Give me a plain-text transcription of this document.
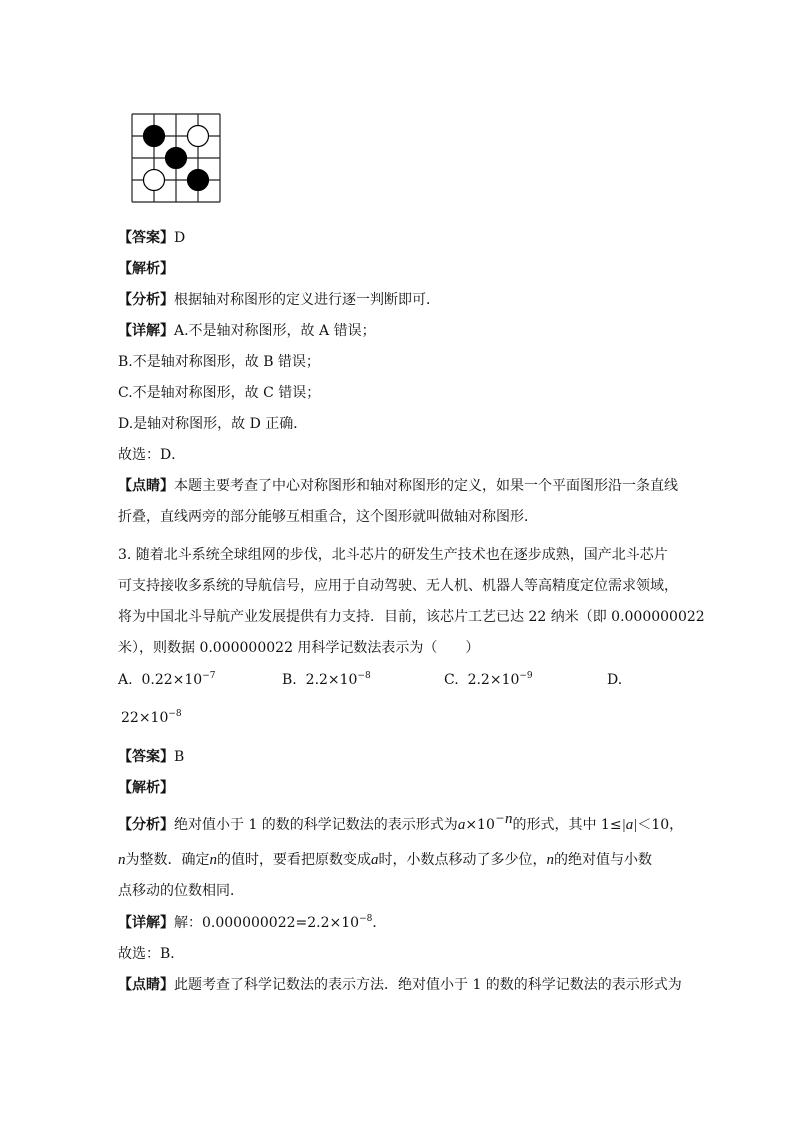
【答案】D
【解析】
【分析】根据轴对称图形的定义进行逐一判断即可．
【详解】A.不是轴对称图形，故 A 错误；
B.不是轴对称图形，故 B 错误；
C.不是轴对称图形，故 C 错误；
D.是轴对称图形，故 D 正确．
故选：D．
【点睛】本题主要考查了中心对称图形和轴对称图形的定义，如果一个平面图形沿一条直线
折叠，直线两旁的部分能够互相重合，这个图形就叫做轴对称图形．
3. 随着北斗系统全球组网的步伐，北斗芯片的研发生产技术也在逐步成熟，国产北斗芯片
可支持接收多系统的导航信号，应用于自动驾驶、无人机、机器人等高精度定位需求领域，
将为中国北斗导航产业发展提供有力支持．目前，该芯片工艺已达 22 纳米（即 0.000000022
米），则数据 0.000000022 用科学记数法表示为（　　）
A. $0.22\times 10^{-7}$	B. $2.2\times 10^{-8}$	C. $2.2\times 10^{-9}$	D.
$22\times 10^{-8}$
【答案】B
【解析】
【分析】绝对值小于 1 的数的科学记数法的表示形式为$a\times 10^{-n}$的形式，其中 1≤|a|＜10，
n为整数．确定n的值时，要看把原数变成a时，小数点移动了多少位，n的绝对值与小数
点移动的位数相同．
【详解】解：$0.000000022=2.2\times 10^{-8}$．
故选：B．
【点睛】此题考查了科学记数法的表示方法．绝对值小于 1 的数的科学记数法的表示形式为
